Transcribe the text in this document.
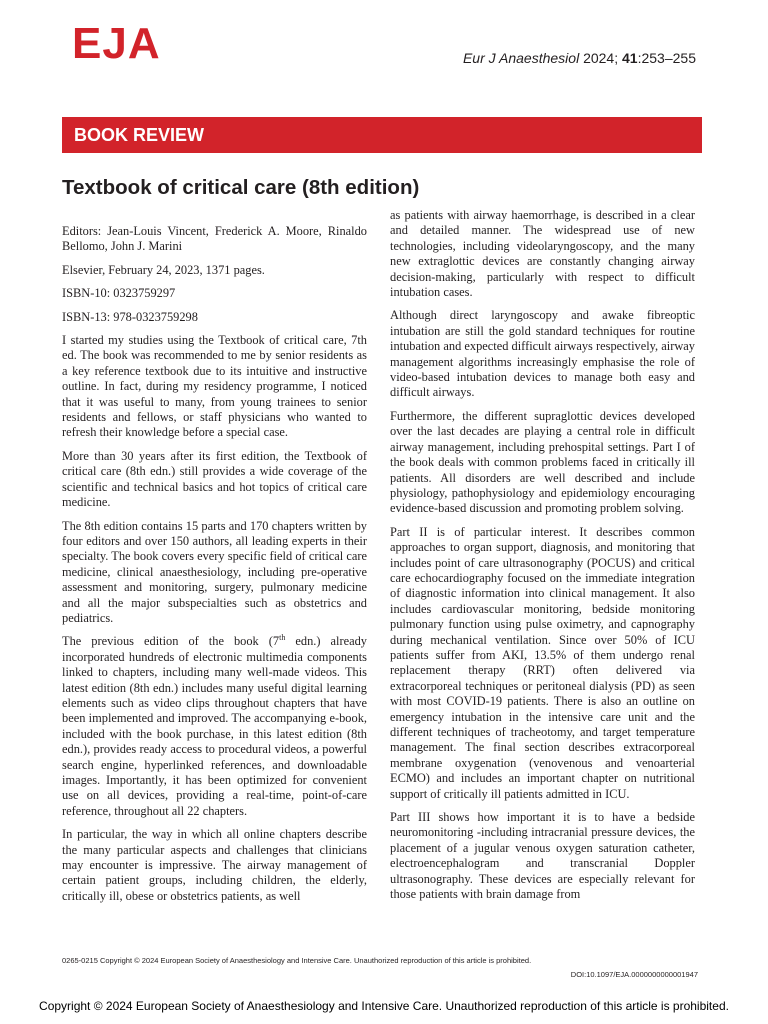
EJA	Eur J Anaesthesiol 2024; 41:253–255
BOOK REVIEW
Textbook of critical care (8th edition)

Editors: Jean-Louis Vincent, Frederick A. Moore, Rinaldo Bellomo, John J. Marini

Elsevier, February 24, 2023, 1371 pages.

ISBN-10: 0323759297

ISBN-13: 978-0323759298

I started my studies using the Textbook of critical care, 7th ed. The book was recommended to me by senior residents as a key reference textbook due to its intuitive and instructive outline. In fact, during my residency programme, I noticed that it was useful to many, from young trainees to senior residents and fellows, or staff physicians who wanted to refresh their knowledge before a special case.

More than 30 years after its first edition, the Textbook of critical care (8th edn.) still provides a wide coverage of the scientific and technical basics and hot topics of critical care medicine.

The 8th edition contains 15 parts and 170 chapters written by four editors and over 150 authors, all leading experts in their specialty. The book covers every specific field of critical care medicine, clinical anaesthesiology, including pre-operative assessment and monitoring, surgery, pulmonary medicine and all the major subspecialties such as obstetrics and pediatrics.

The previous edition of the book (7th edn.) already incorporated hundreds of electronic multimedia components linked to chapters, including many well-made videos. This latest edition (8th edn.) includes many useful digital learning elements such as video clips throughout chapters that have been implemented and improved. The accompanying e-book, included with the book purchase, in this latest edition (8th edn.), provides ready access to procedural videos, a powerful search engine, hyperlinked references, and downloadable images. Importantly, it has been optimized for convenient use on all devices, providing a real-time, point-of-care reference, throughout all 22 chapters.

In particular, the way in which all online chapters describe the many particular aspects and challenges that clinicians may encounter is impressive. The airway management of certain patient groups, including children, the elderly, critically ill, obese or obstetrics patients, as well

as patients with airway haemorrhage, is described in a clear and detailed manner. The widespread use of new technologies, including videolaryngoscopy, and the many new extraglottic devices are constantly changing airway decision-making, particularly with respect to difficult intubation cases.

Although direct laryngoscopy and awake fibreoptic intubation are still the gold standard techniques for routine intubation and expected difficult airways respectively, airway management algorithms increasingly emphasise the role of video-based intubation devices to manage both easy and difficult airways.

Furthermore, the different supraglottic devices developed over the last decades are playing a central role in difficult airway management, including prehospital settings. Part I of the book deals with common problems faced in critically ill patients. All disorders are well described and include physiology, pathophysiology and epidemiology encouraging evidence-based discussion and promoting problem solving.

Part II is of particular interest. It describes common approaches to organ support, diagnosis, and monitoring that includes point of care ultrasonography (POCUS) and critical care echocardiography focused on the immediate integration of diagnostic information into clinical management. It also includes cardiovascular monitoring, bedside monitoring pulmonary function using pulse oximetry, and capnography during mechanical ventilation. Since over 50% of ICU patients suffer from AKI, 13.5% of them undergo renal replacement therapy (RRT) often delivered via extracorporeal techniques or peritoneal dialysis (PD) as seen with most COVID-19 patients. There is also an outline on emergency intubation in the intensive care unit and the different techniques of tracheotomy, and target temperature management. The final section describes extracorporeal membrane oxygenation (venovenous and venoarterial ECMO) and includes an important chapter on nutritional support of critically ill patients admitted in ICU.

Part III shows how important it is to have a bedside neuromonitoring -including intracranial pressure devices, the placement of a jugular venous oxygen saturation catheter, electroencephalogram and transcranial Doppler ultrasonography. These devices are especially relevant for those patients with brain damage from

0265-0215 Copyright © 2024 European Society of Anaesthesiology and Intensive Care. Unauthorized reproduction of this article is prohibited.
DOI:10.1097/EJA.0000000000001947
Copyright © 2024 European Society of Anaesthesiology and Intensive Care. Unauthorized reproduction of this article is prohibited.
